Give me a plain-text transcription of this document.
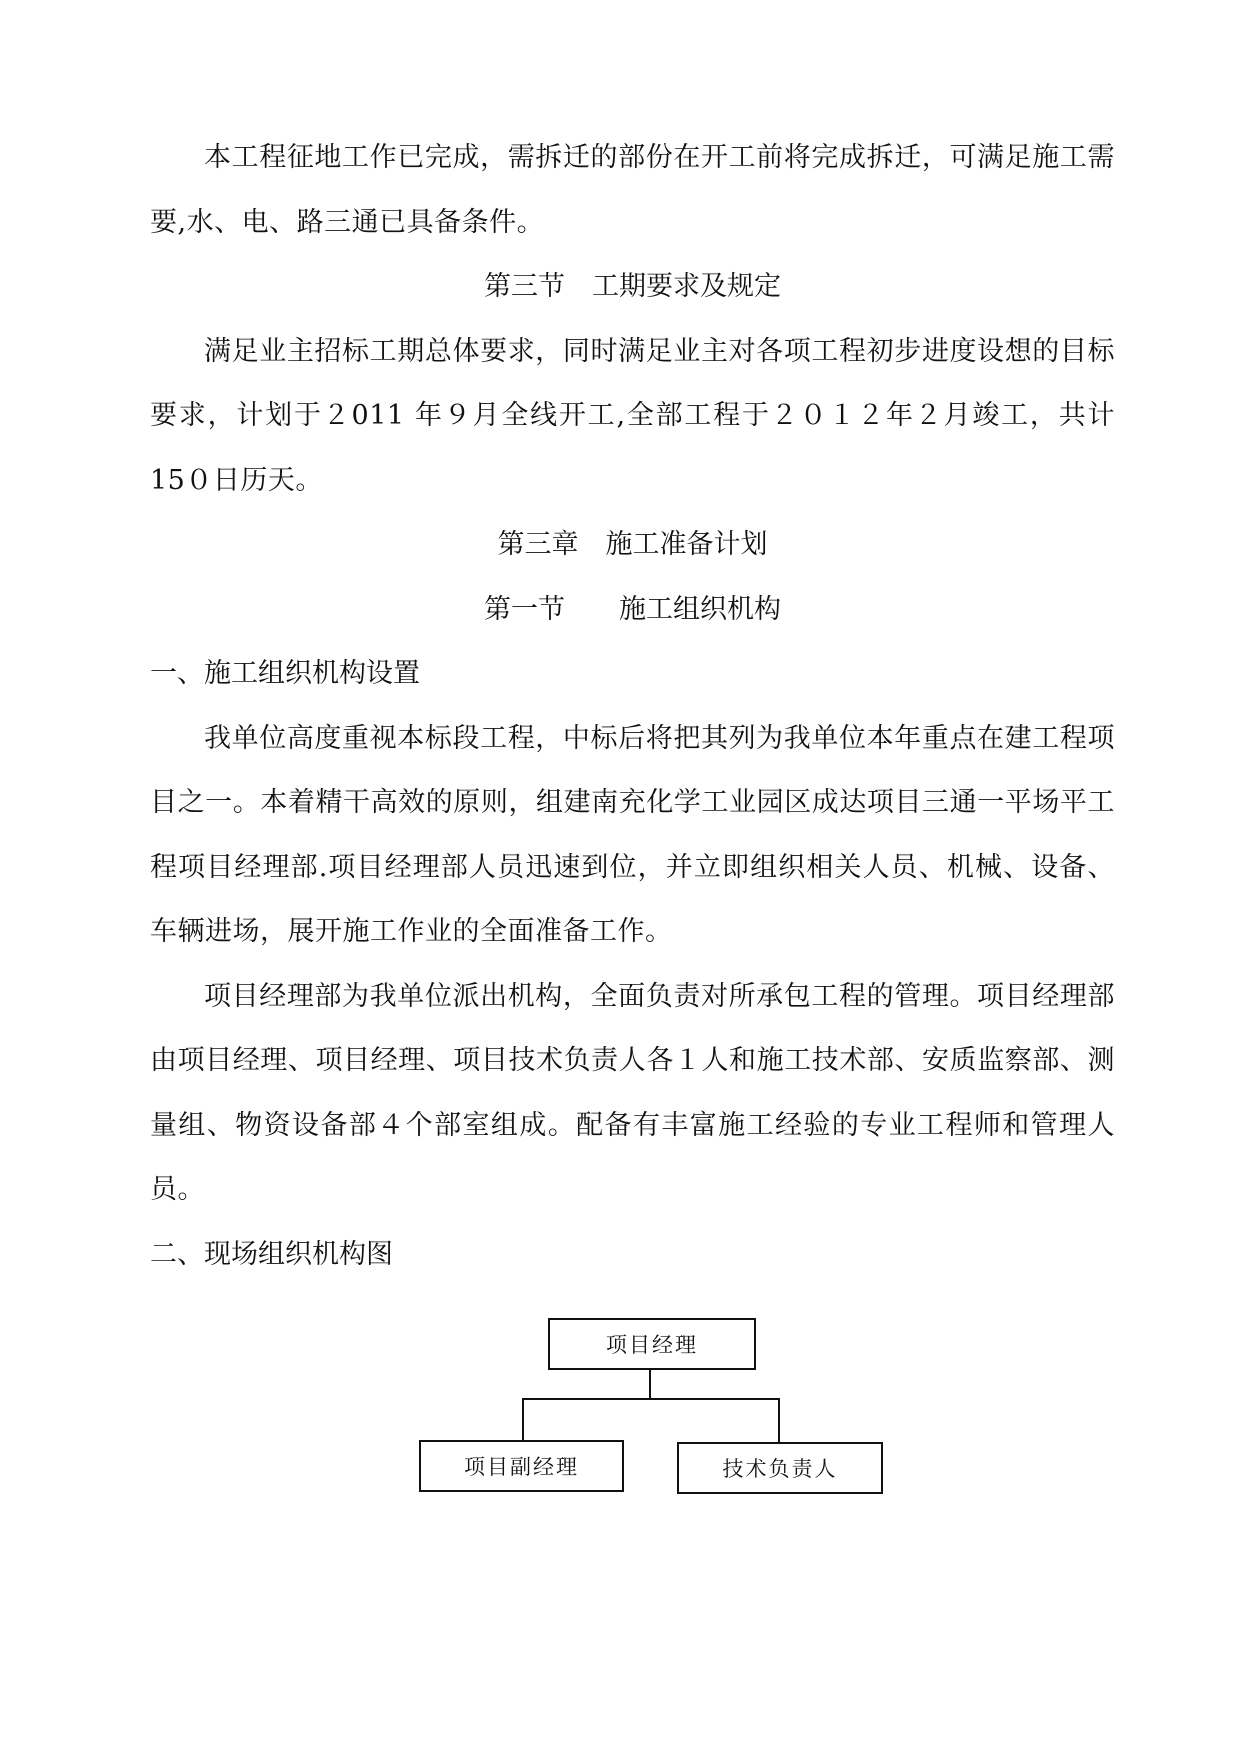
本工程征地工作已完成，需拆迁的部份在开工前将完成拆迁，可满足施工需要,水、电、路三通已具备条件。

第三节　工期要求及规定

满足业主招标工期总体要求，同时满足业主对各项工程初步进度设想的目标要求，计划于２011 年９月全线开工,全部工程于２０１２年２月竣工，共计 15０日历天。

第三章　施工准备计划

第一节　　施工组织机构

一、施工组织机构设置

我单位高度重视本标段工程，中标后将把其列为我单位本年重点在建工程项目之一。本着精干高效的原则，组建南充化学工业园区成达项目三通一平场平工程项目经理部.项目经理部人员迅速到位，并立即组织相关人员、机械、设备、车辆进场，展开施工作业的全面准备工作。

项目经理部为我单位派出机构，全面负责对所承包工程的管理。项目经理部由项目经理、项目经理、项目技术负责人各１人和施工技术部、安质监察部、测量组、物资设备部４个部室组成。配备有丰富施工经验的专业工程师和管理人员。

二、现场组织机构图

项目经理
项目副经理	技术负责人
